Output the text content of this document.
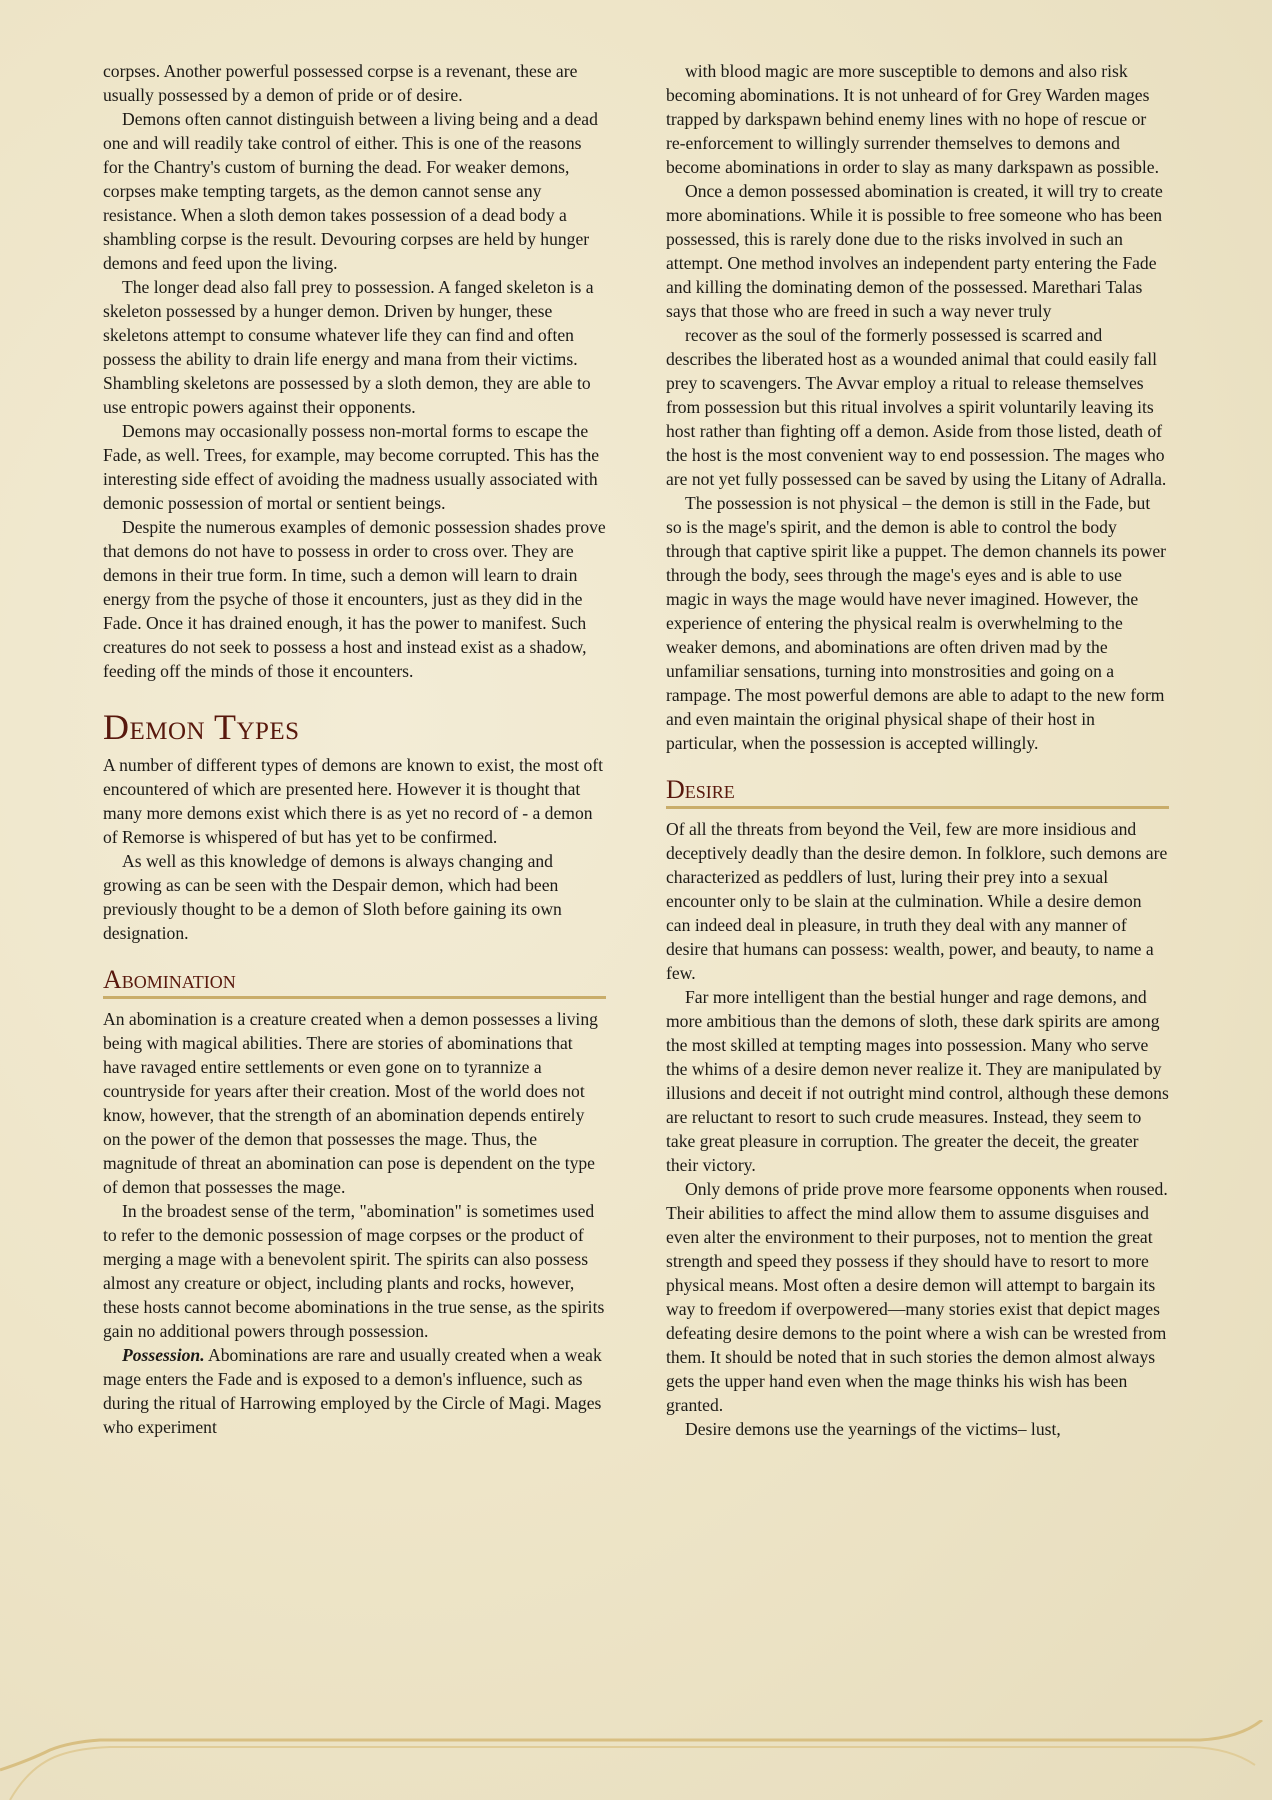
corpses. Another powerful possessed corpse is a revenant, these are usually possessed by a demon of pride or of desire.

Demons often cannot distinguish between a living being and a dead one and will readily take control of either. This is one of the reasons for the Chantry's custom of burning the dead. For weaker demons, corpses make tempting targets, as the demon cannot sense any resistance. When a sloth demon takes possession of a dead body a shambling corpse is the result. Devouring corpses are held by hunger demons and feed upon the living.

The longer dead also fall prey to possession. A fanged skeleton is a skeleton possessed by a hunger demon. Driven by hunger, these skeletons attempt to consume whatever life they can find and often possess the ability to drain life energy and mana from their victims. Shambling skeletons are possessed by a sloth demon, they are able to use entropic powers against their opponents.

Demons may occasionally possess non-mortal forms to escape the Fade, as well. Trees, for example, may become corrupted. This has the interesting side effect of avoiding the madness usually associated with demonic possession of mortal or sentient beings.

Despite the numerous examples of demonic possession shades prove that demons do not have to possess in order to cross over. They are demons in their true form. In time, such a demon will learn to drain energy from the psyche of those it encounters, just as they did in the Fade. Once it has drained enough, it has the power to manifest. Such creatures do not seek to possess a host and instead exist as a shadow, feeding off the minds of those it encounters.

Demon Types

A number of different types of demons are known to exist, the most oft encountered of which are presented here. However it is thought that many more demons exist which there is as yet no record of - a demon of Remorse is whispered of but has yet to be confirmed.

As well as this knowledge of demons is always changing and growing as can be seen with the Despair demon, which had been previously thought to be a demon of Sloth before gaining its own designation.

Abomination

An abomination is a creature created when a demon possesses a living being with magical abilities. There are stories of abominations that have ravaged entire settlements or even gone on to tyrannize a countryside for years after their creation. Most of the world does not know, however, that the strength of an abomination depends entirely on the power of the demon that possesses the mage. Thus, the magnitude of threat an abomination can pose is dependent on the type of demon that possesses the mage.

In the broadest sense of the term, "abomination" is sometimes used to refer to the demonic possession of mage corpses or the product of merging a mage with a benevolent spirit. The spirits can also possess almost any creature or object, including plants and rocks, however, these hosts cannot become abominations in the true sense, as the spirits gain no additional powers through possession.

Possession. Abominations are rare and usually created when a weak mage enters the Fade and is exposed to a demon's influence, such as during the ritual of Harrowing employed by the Circle of Magi. Mages who experiment

with blood magic are more susceptible to demons and also risk becoming abominations. It is not unheard of for Grey Warden mages trapped by darkspawn behind enemy lines with no hope of rescue or re-enforcement to willingly surrender themselves to demons and become abominations in order to slay as many darkspawn as possible.

Once a demon possessed abomination is created, it will try to create more abominations. While it is possible to free someone who has been possessed, this is rarely done due to the risks involved in such an attempt. One method involves an independent party entering the Fade and killing the dominating demon of the possessed. Marethari Talas says that those who are freed in such a way never truly

recover as the soul of the formerly possessed is scarred and describes the liberated host as a wounded animal that could easily fall prey to scavengers. The Avvar employ a ritual to release themselves from possession but this ritual involves a spirit voluntarily leaving its host rather than fighting off a demon. Aside from those listed, death of the host is the most convenient way to end possession. The mages who are not yet fully possessed can be saved by using the Litany of Adralla.

The possession is not physical – the demon is still in the Fade, but so is the mage's spirit, and the demon is able to control the body through that captive spirit like a puppet. The demon channels its power through the body, sees through the mage's eyes and is able to use magic in ways the mage would have never imagined. However, the experience of entering the physical realm is overwhelming to the weaker demons, and abominations are often driven mad by the unfamiliar sensations, turning into monstrosities and going on a rampage. The most powerful demons are able to adapt to the new form and even maintain the original physical shape of their host in particular, when the possession is accepted willingly.

Desire

Of all the threats from beyond the Veil, few are more insidious and deceptively deadly than the desire demon. In folklore, such demons are characterized as peddlers of lust, luring their prey into a sexual encounter only to be slain at the culmination. While a desire demon can indeed deal in pleasure, in truth they deal with any manner of desire that humans can possess: wealth, power, and beauty, to name a few.

Far more intelligent than the bestial hunger and rage demons, and more ambitious than the demons of sloth, these dark spirits are among the most skilled at tempting mages into possession. Many who serve the whims of a desire demon never realize it. They are manipulated by illusions and deceit if not outright mind control, although these demons are reluctant to resort to such crude measures. Instead, they seem to take great pleasure in corruption. The greater the deceit, the greater their victory.

Only demons of pride prove more fearsome opponents when roused. Their abilities to affect the mind allow them to assume disguises and even alter the environment to their purposes, not to mention the great strength and speed they possess if they should have to resort to more physical means. Most often a desire demon will attempt to bargain its way to freedom if overpowered—many stories exist that depict mages defeating desire demons to the point where a wish can be wrested from them. It should be noted that in such stories the demon almost always gets the upper hand even when the mage thinks his wish has been granted.

Desire demons use the yearnings of the victims– lust,
